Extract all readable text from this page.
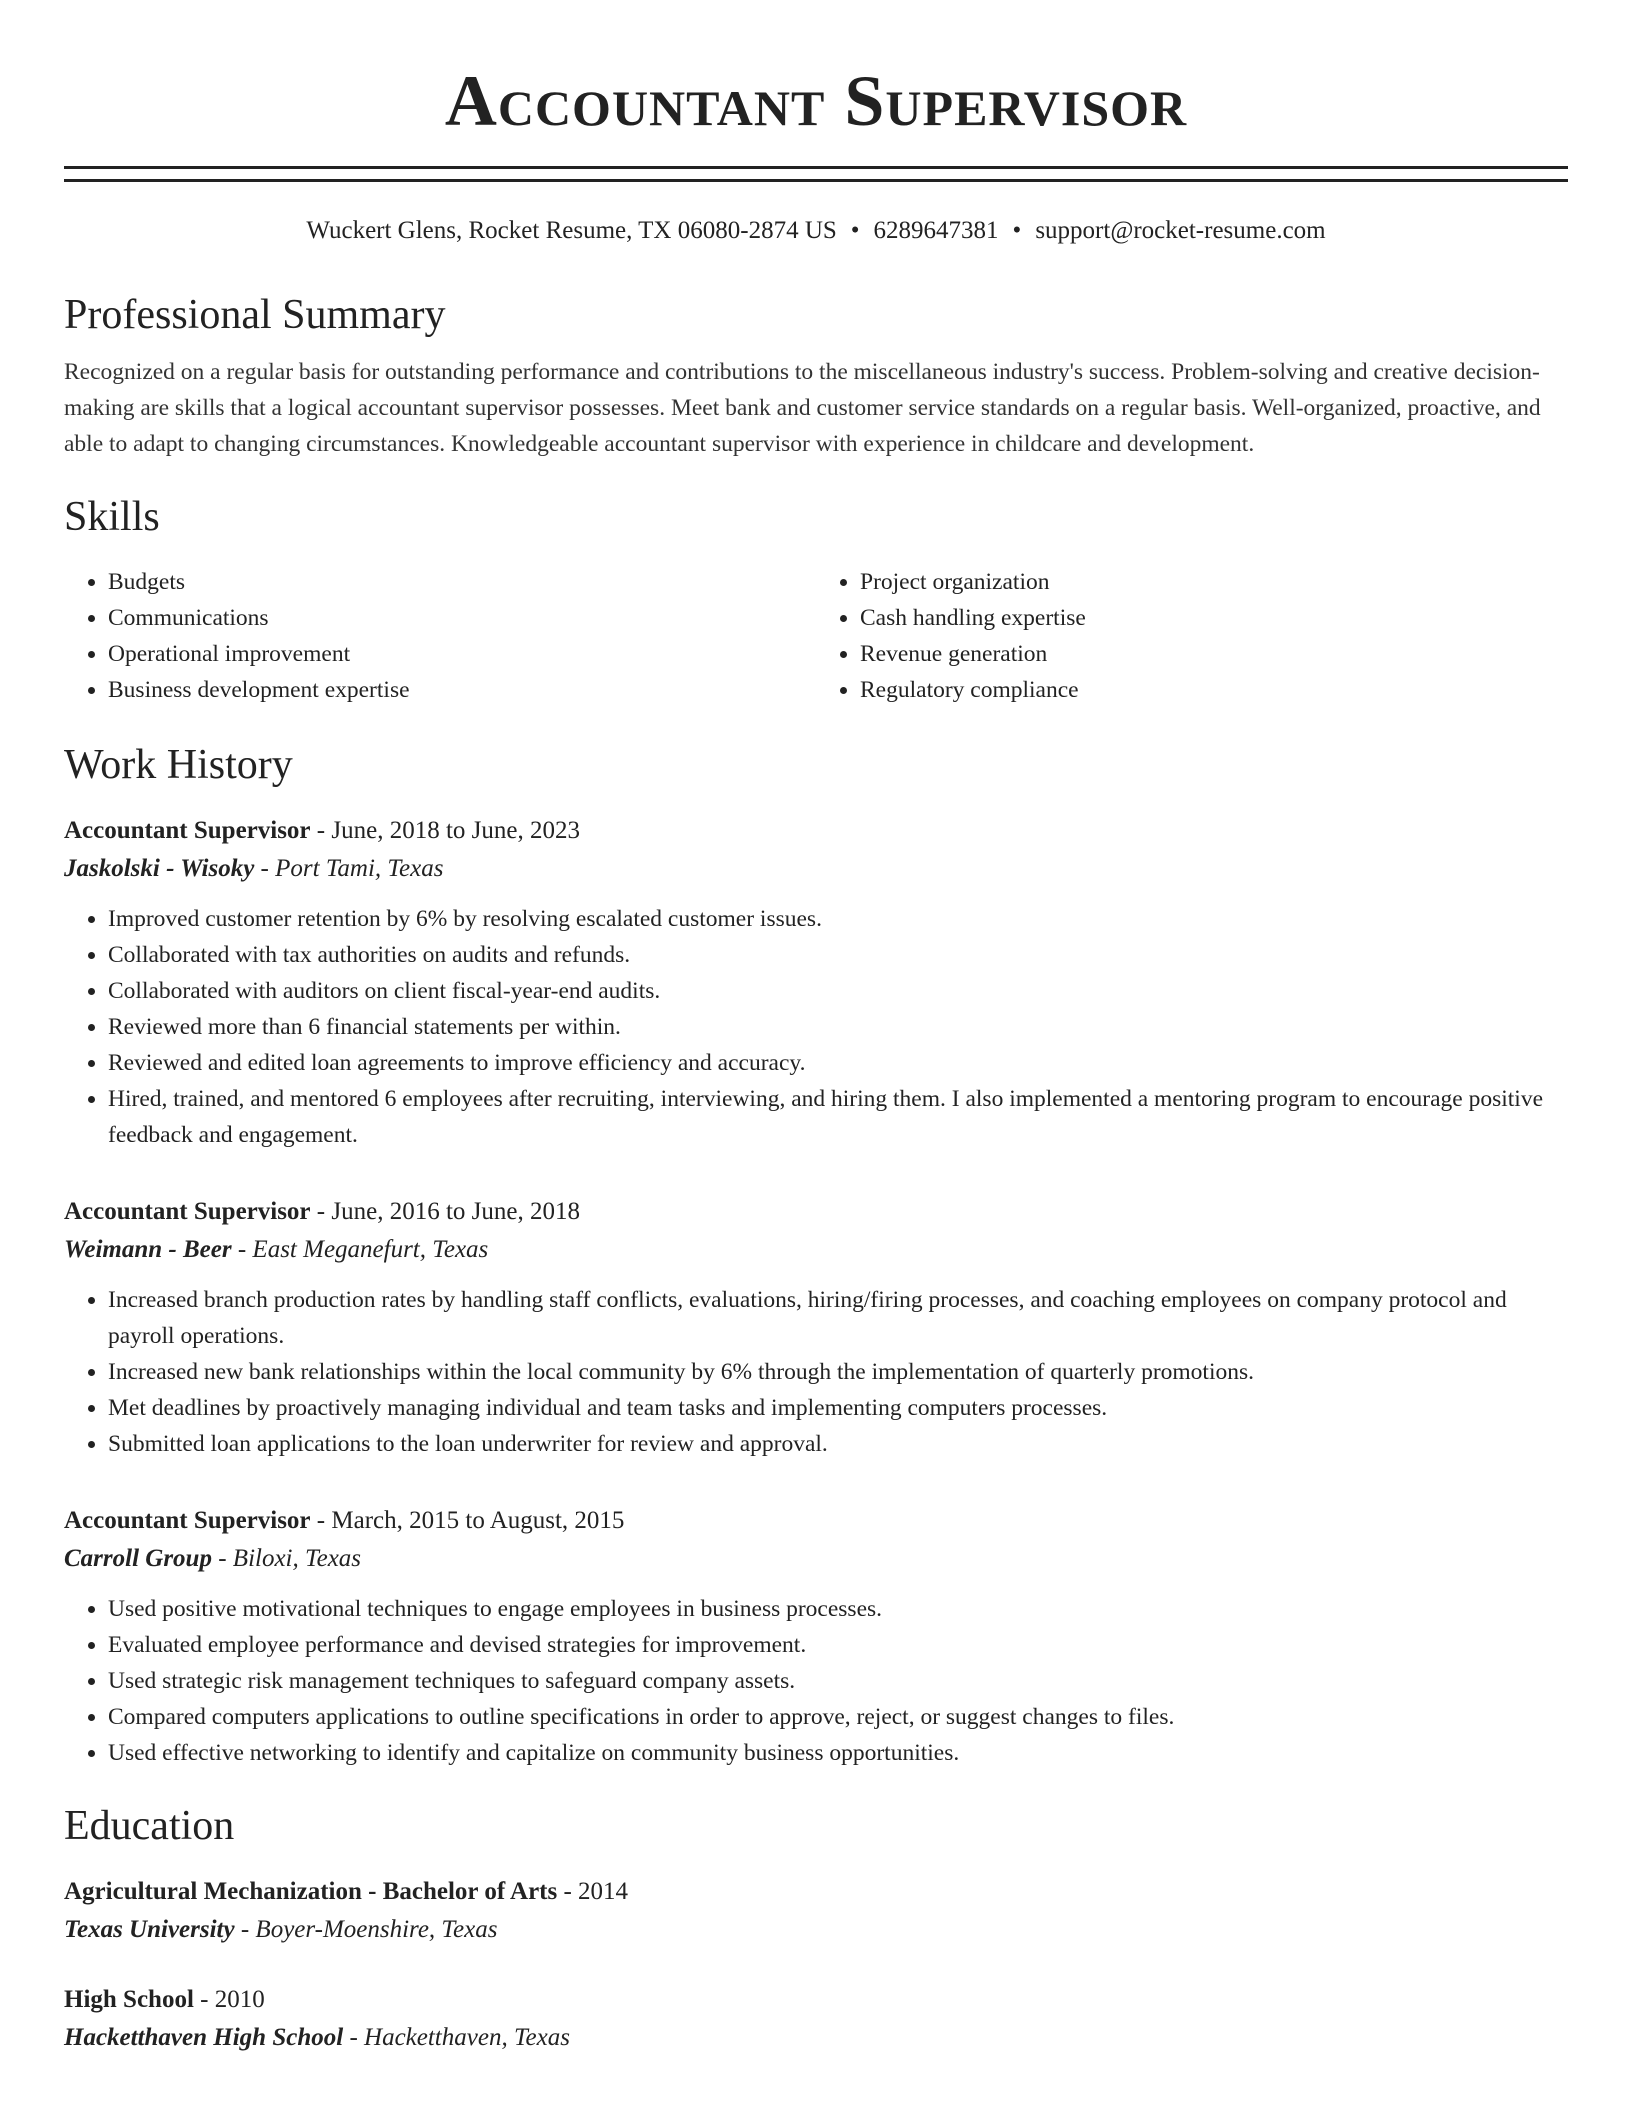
Accountant Supervisor
Wuckert Glens, Rocket Resume, TX 06080-2874 US • 6289647381 • support@rocket-resume.com
Professional Summary

Recognized on a regular basis for outstanding performance and contributions to the miscellaneous industry's success. Problem-solving and creative decision-making are skills that a logical accountant supervisor possesses. Meet bank and customer service standards on a regular basis. Well-organized, proactive, and able to adapt to changing circumstances. Knowledgeable accountant supervisor with experience in childcare and development.

Skills
• Budgets
• Communications
• Operational improvement
• Business development expertise
• Project organization
• Cash handling expertise
• Revenue generation
• Regulatory compliance
Work History
Accountant Supervisor - June, 2018 to June, 2023
Jaskolski - Wisoky - Port Tami, Texas
• Improved customer retention by 6% by resolving escalated customer issues.
• Collaborated with tax authorities on audits and refunds.
• Collaborated with auditors on client fiscal-year-end audits.
• Reviewed more than 6 financial statements per within.
• Reviewed and edited loan agreements to improve efficiency and accuracy.
• Hired, trained, and mentored 6 employees after recruiting, interviewing, and hiring them. I also implemented a mentoring program to encourage positive feedback and engagement.
Accountant Supervisor - June, 2016 to June, 2018
Weimann - Beer - East Meganefurt, Texas
• Increased branch production rates by handling staff conflicts, evaluations, hiring/firing processes, and coaching employees on company protocol and payroll operations.
• Increased new bank relationships within the local community by 6% through the implementation of quarterly promotions.
• Met deadlines by proactively managing individual and team tasks and implementing computers processes.
• Submitted loan applications to the loan underwriter for review and approval.
Accountant Supervisor - March, 2015 to August, 2015
Carroll Group - Biloxi, Texas
• Used positive motivational techniques to engage employees in business processes.
• Evaluated employee performance and devised strategies for improvement.
• Used strategic risk management techniques to safeguard company assets.
• Compared computers applications to outline specifications in order to approve, reject, or suggest changes to files.
• Used effective networking to identify and capitalize on community business opportunities.
Education
Agricultural Mechanization - Bachelor of Arts - 2014
Texas University - Boyer-Moenshire, Texas
High School - 2010
Hacketthaven High School - Hacketthaven, Texas
